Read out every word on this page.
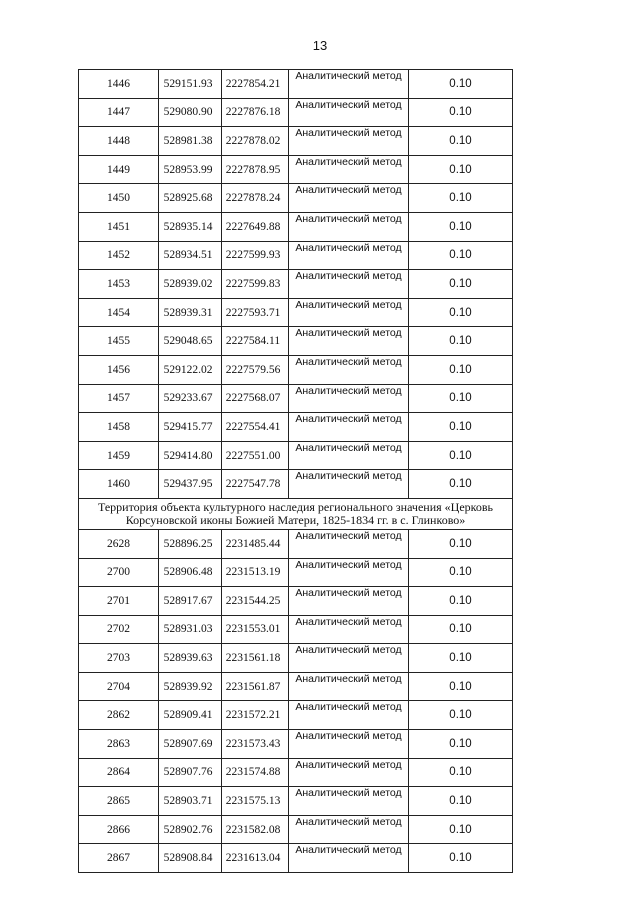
13
1446	529151.93	2227854.21	Аналитический метод	0.10
1447	529080.90	2227876.18	Аналитический метод	0.10
1448	528981.38	2227878.02	Аналитический метод	0.10
1449	528953.99	2227878.95	Аналитический метод	0.10
1450	528925.68	2227878.24	Аналитический метод	0.10
1451	528935.14	2227649.88	Аналитический метод	0.10
1452	528934.51	2227599.93	Аналитический метод	0.10
1453	528939.02	2227599.83	Аналитический метод	0.10
1454	528939.31	2227593.71	Аналитический метод	0.10
1455	529048.65	2227584.11	Аналитический метод	0.10
1456	529122.02	2227579.56	Аналитический метод	0.10
1457	529233.67	2227568.07	Аналитический метод	0.10
1458	529415.77	2227554.41	Аналитический метод	0.10
1459	529414.80	2227551.00	Аналитический метод	0.10
1460	529437.95	2227547.78	Аналитический метод	0.10
Территория объекта культурного наследия регионального значения «Церковь Корсуновской иконы Божией Матери, 1825-1834 гг. в с. Глинково»				
2628	528896.25	2231485.44	Аналитический метод	0.10
2700	528906.48	2231513.19	Аналитический метод	0.10
2701	528917.67	2231544.25	Аналитический метод	0.10
2702	528931.03	2231553.01	Аналитический метод	0.10
2703	528939.63	2231561.18	Аналитический метод	0.10
2704	528939.92	2231561.87	Аналитический метод	0.10
2862	528909.41	2231572.21	Аналитический метод	0.10
2863	528907.69	2231573.43	Аналитический метод	0.10
2864	528907.76	2231574.88	Аналитический метод	0.10
2865	528903.71	2231575.13	Аналитический метод	0.10
2866	528902.76	2231582.08	Аналитический метод	0.10
2867	528908.84	2231613.04	Аналитический метод	0.10
